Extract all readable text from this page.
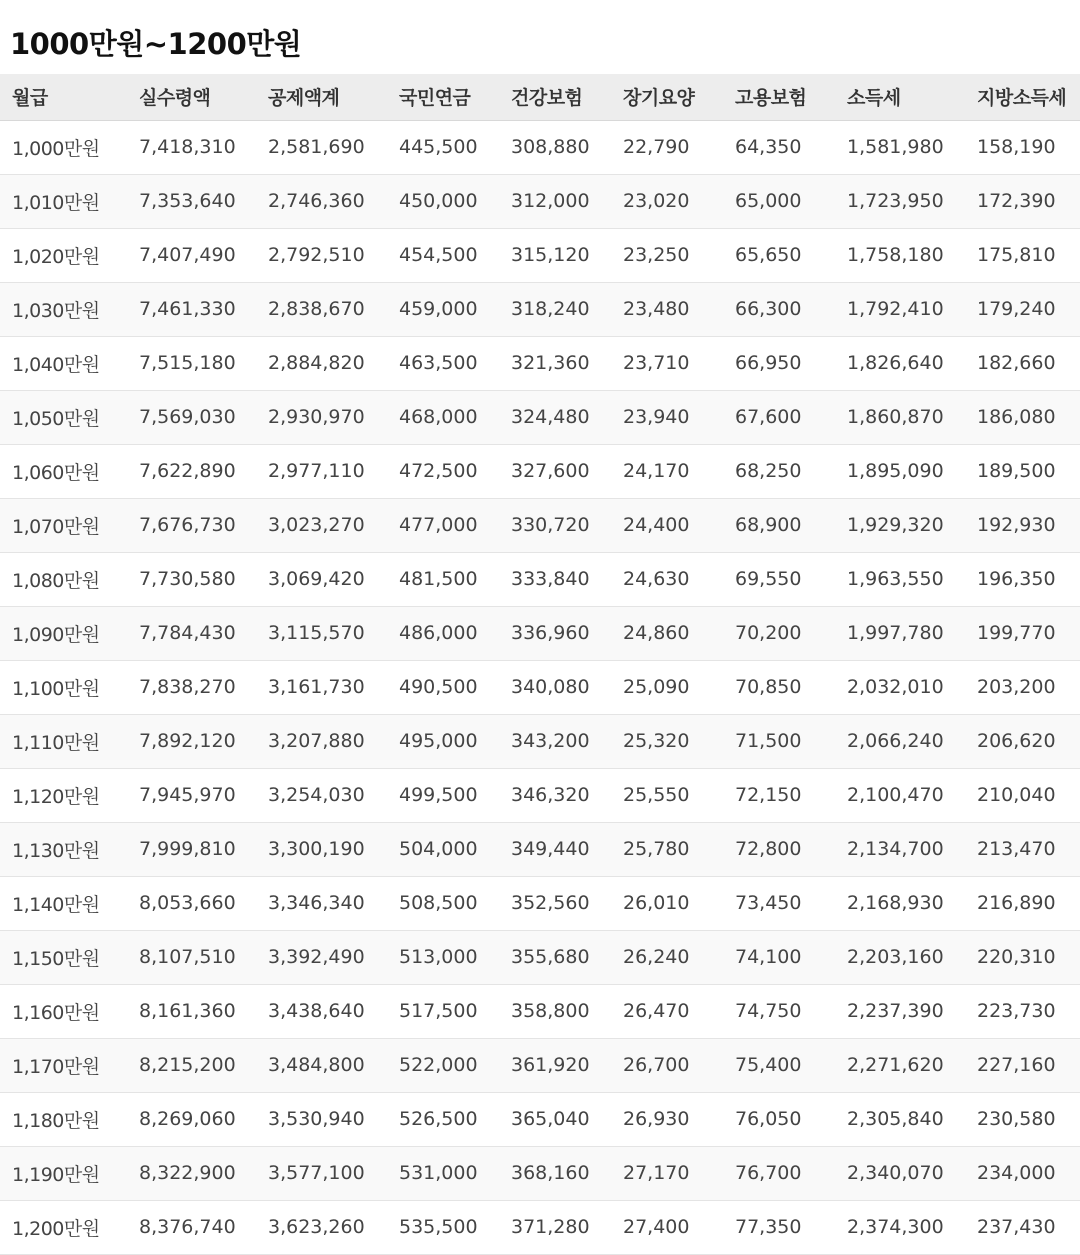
1000만원~1200만원
월급	실수령액	공제액계	국민연금	건강보험	장기요양	고용보험	소득세	지방소득세
1,000만원	7,418,310	2,581,690	445,500	308,880	22,790	64,350	1,581,980	158,190
1,010만원	7,353,640	2,746,360	450,000	312,000	23,020	65,000	1,723,950	172,390
1,020만원	7,407,490	2,792,510	454,500	315,120	23,250	65,650	1,758,180	175,810
1,030만원	7,461,330	2,838,670	459,000	318,240	23,480	66,300	1,792,410	179,240
1,040만원	7,515,180	2,884,820	463,500	321,360	23,710	66,950	1,826,640	182,660
1,050만원	7,569,030	2,930,970	468,000	324,480	23,940	67,600	1,860,870	186,080
1,060만원	7,622,890	2,977,110	472,500	327,600	24,170	68,250	1,895,090	189,500
1,070만원	7,676,730	3,023,270	477,000	330,720	24,400	68,900	1,929,320	192,930
1,080만원	7,730,580	3,069,420	481,500	333,840	24,630	69,550	1,963,550	196,350
1,090만원	7,784,430	3,115,570	486,000	336,960	24,860	70,200	1,997,780	199,770
1,100만원	7,838,270	3,161,730	490,500	340,080	25,090	70,850	2,032,010	203,200
1,110만원	7,892,120	3,207,880	495,000	343,200	25,320	71,500	2,066,240	206,620
1,120만원	7,945,970	3,254,030	499,500	346,320	25,550	72,150	2,100,470	210,040
1,130만원	7,999,810	3,300,190	504,000	349,440	25,780	72,800	2,134,700	213,470
1,140만원	8,053,660	3,346,340	508,500	352,560	26,010	73,450	2,168,930	216,890
1,150만원	8,107,510	3,392,490	513,000	355,680	26,240	74,100	2,203,160	220,310
1,160만원	8,161,360	3,438,640	517,500	358,800	26,470	74,750	2,237,390	223,730
1,170만원	8,215,200	3,484,800	522,000	361,920	26,700	75,400	2,271,620	227,160
1,180만원	8,269,060	3,530,940	526,500	365,040	26,930	76,050	2,305,840	230,580
1,190만원	8,322,900	3,577,100	531,000	368,160	27,170	76,700	2,340,070	234,000
1,200만원	8,376,740	3,623,260	535,500	371,280	27,400	77,350	2,374,300	237,430
